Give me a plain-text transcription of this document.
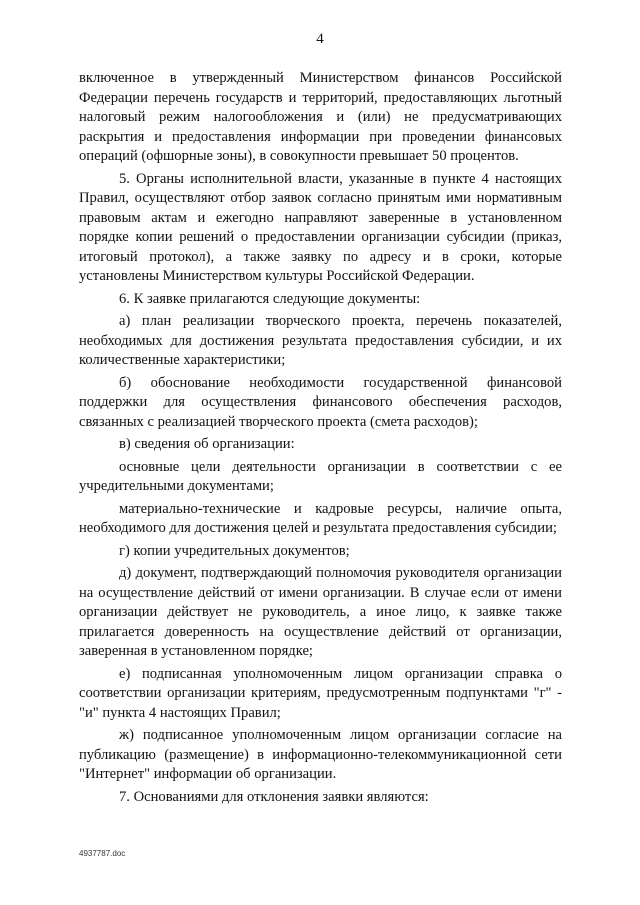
4

включенное в утвержденный Министерством финансов Российской Федерации перечень государств и территорий, предоставляющих льготный налоговый режим налогообложения и (или) не предусматривающих раскрытия и предоставления информации при проведении финансовых операций (офшорные зоны), в совокупности превышает 50 процентов.

5. Органы исполнительной власти, указанные в пункте 4 настоящих Правил, осуществляют отбор заявок согласно принятым ими нормативным правовым актам и ежегодно направляют заверенные в установленном порядке копии решений о предоставлении организации субсидии (приказ, итоговый протокол), а также заявку по адресу и в сроки, которые установлены Министерством культуры Российской Федерации.

6. К заявке прилагаются следующие документы:

а) план реализации творческого проекта, перечень показателей, необходимых для достижения результата предоставления субсидии, и их количественные характеристики;

б) обоснование необходимости государственной финансовой поддержки для осуществления финансового обеспечения расходов, связанных с реализацией творческого проекта (смета расходов);

в) сведения об организации:

основные цели деятельности организации в соответствии с ее учредительными документами;

материально-технические и кадровые ресурсы, наличие опыта, необходимого для достижения целей и результата предоставления субсидии;

г) копии учредительных документов;

д) документ, подтверждающий полномочия руководителя организации на осуществление действий от имени организации. В случае если от имени организации действует не руководитель, а иное лицо, к заявке также прилагается доверенность на осуществление действий от организации, заверенная в установленном порядке;

е) подписанная уполномоченным лицом организации справка о соответствии организации критериям, предусмотренным подпунктами "г" - "и" пункта 4 настоящих Правил;

ж) подписанное уполномоченным лицом организации согласие на публикацию (размещение) в информационно-телекоммуникационной сети "Интернет" информации об организации.

7. Основаниями для отклонения заявки являются:

4937787.doc
